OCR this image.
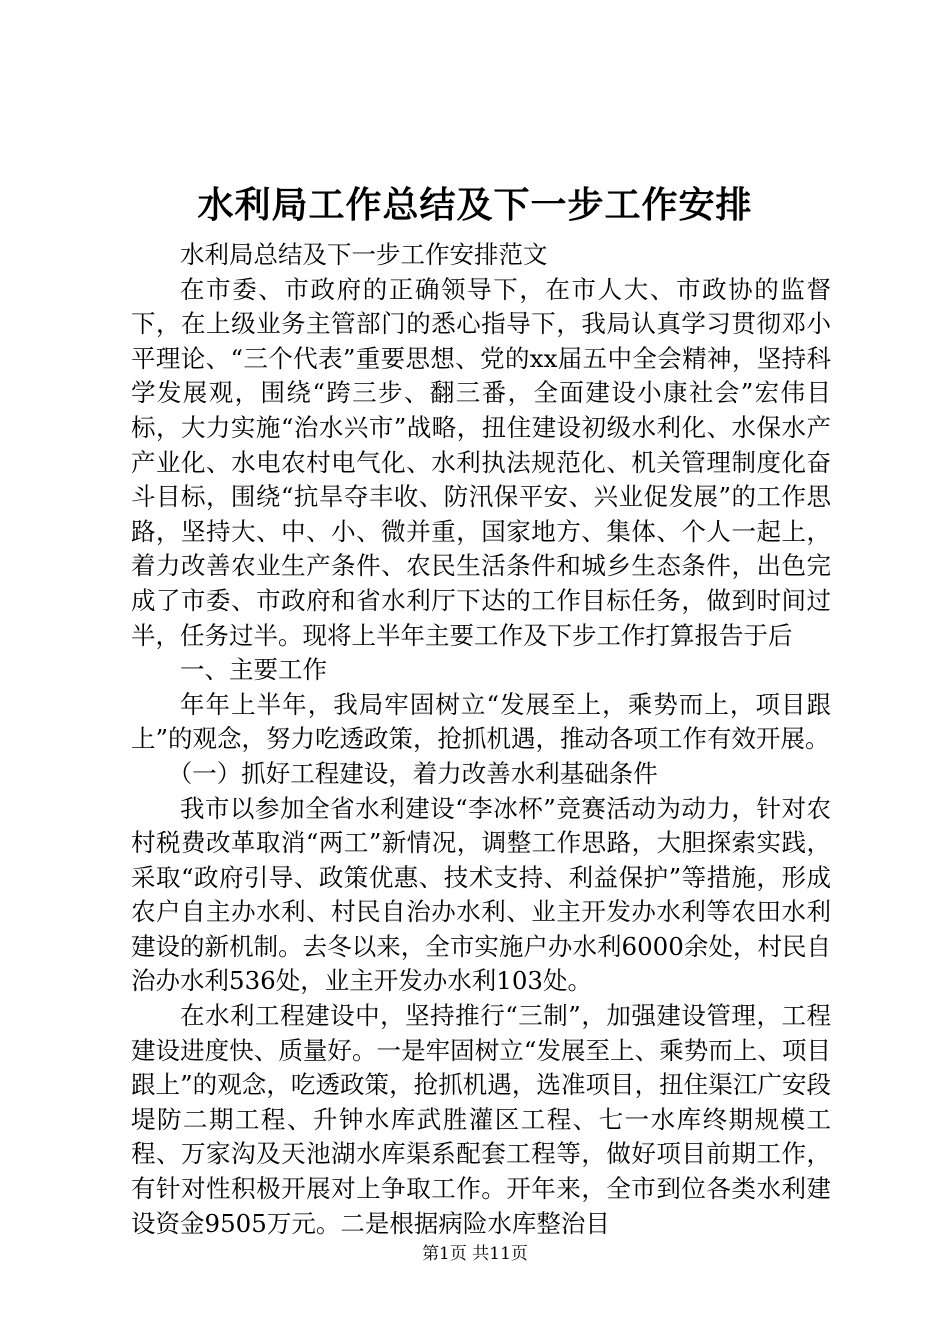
水利局工作总结及下一步工作安排

水利局总结及下一步工作安排范文

在市委、市政府的正确领导下，在市人大、市政协的监督下，在上级业务主管部门的悉心指导下，我局认真学习贯彻邓小平理论、“三个代表”重要思想、党的xx届五中全会精神，坚持科学发展观，围绕“跨三步、翻三番，全面建设小康社会”宏伟目标，大力实施“治水兴市”战略，扭住建设初级水利化、水保水产产业化、水电农村电气化、水利执法规范化、机关管理制度化奋斗目标，围绕“抗旱夺丰收、防汛保平安、兴业促发展”的工作思路，坚持大、中、小、微并重，国家地方、集体、个人一起上，着力改善农业生产条件、农民生活条件和城乡生态条件，出色完成了市委、市政府和省水利厅下达的工作目标任务，做到时间过半，任务过半。现将上半年主要工作及下步工作打算报告于后

一、主要工作

年年上半年，我局牢固树立“发展至上，乘势而上，项目跟上”的观念，努力吃透政策，抢抓机遇，推动各项工作有效开展。

（一）抓好工程建设，着力改善水利基础条件

我市以参加全省水利建设“李冰杯”竞赛活动为动力，针对农村税费改革取消“两工”新情况，调整工作思路，大胆探索实践，采取“政府引导、政策优惠、技术支持、利益保护”等措施，形成农户自主办水利、村民自治办水利、业主开发办水利等农田水利建设的新机制。去冬以来，全市实施户办水利6000余处，村民自治办水利536处，业主开发办水利103处。

在水利工程建设中，坚持推行“三制”，加强建设管理，工程建设进度快、质量好。一是牢固树立“发展至上、乘势而上、项目跟上”的观念，吃透政策，抢抓机遇，选准项目，扭住渠江广安段堤防二期工程、升钟水库武胜灌区工程、七一水库终期规模工程、万家沟及天池湖水库渠系配套工程等，做好项目前期工作，有针对性积极开展对上争取工作。开年来，全市到位各类水利建设资金9505万元。二是根据病险水库整治目

第1页 共11页
